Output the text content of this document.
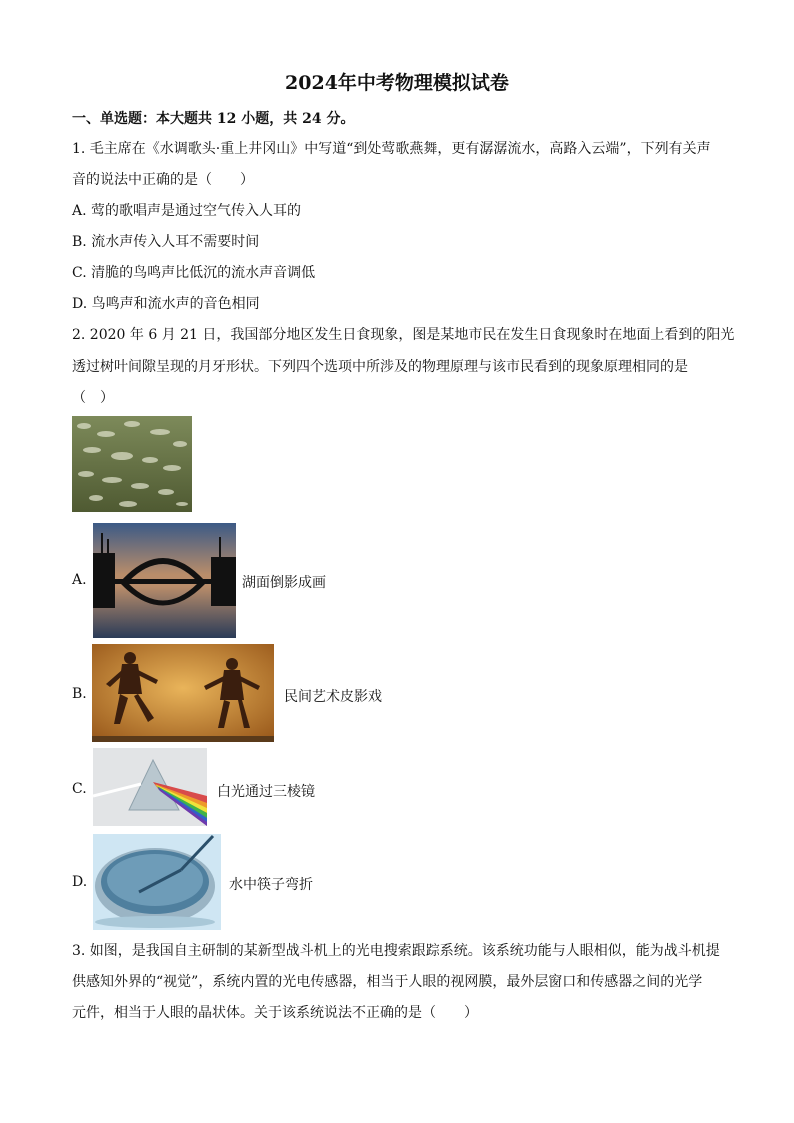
2024年中考物理模拟试卷
一、单选题：本大题共 12 小题，共 24 分。
1. 毛主席在《水调歌头·重上井冈山》中写道“到处莺歌燕舞，更有潺潺流水，高路入云端”，下列有关声
音的说法中正确的是（　　）
A. 莺的歌唱声是通过空气传入人耳的
B. 流水声传入人耳不需要时间
C. 清脆的鸟鸣声比低沉的流水声音调低
D. 鸟鸣声和流水声的音色相同
2. 2020 年 6 月 21 日，我国部分地区发生日食现象，图是某地市民在发生日食现象时在地面上看到的阳光
透过树叶间隙呈现的月牙形状。下列四个选项中所涉及的物理原理与该市民看到的现象原理相同的是
（　）
A.	湖面倒影成画
B.	民间艺术皮影戏
C.	白光通过三棱镜
D.	水中筷子弯折
3. 如图，是我国自主研制的某新型战斗机上的光电搜索跟踪系统。该系统功能与人眼相似，能为战斗机提
供感知外界的“视觉”，系统内置的光电传感器，相当于人眼的视网膜，最外层窗口和传感器之间的光学
元件，相当于人眼的晶状体。关于该系统说法不正确的是（　　）
